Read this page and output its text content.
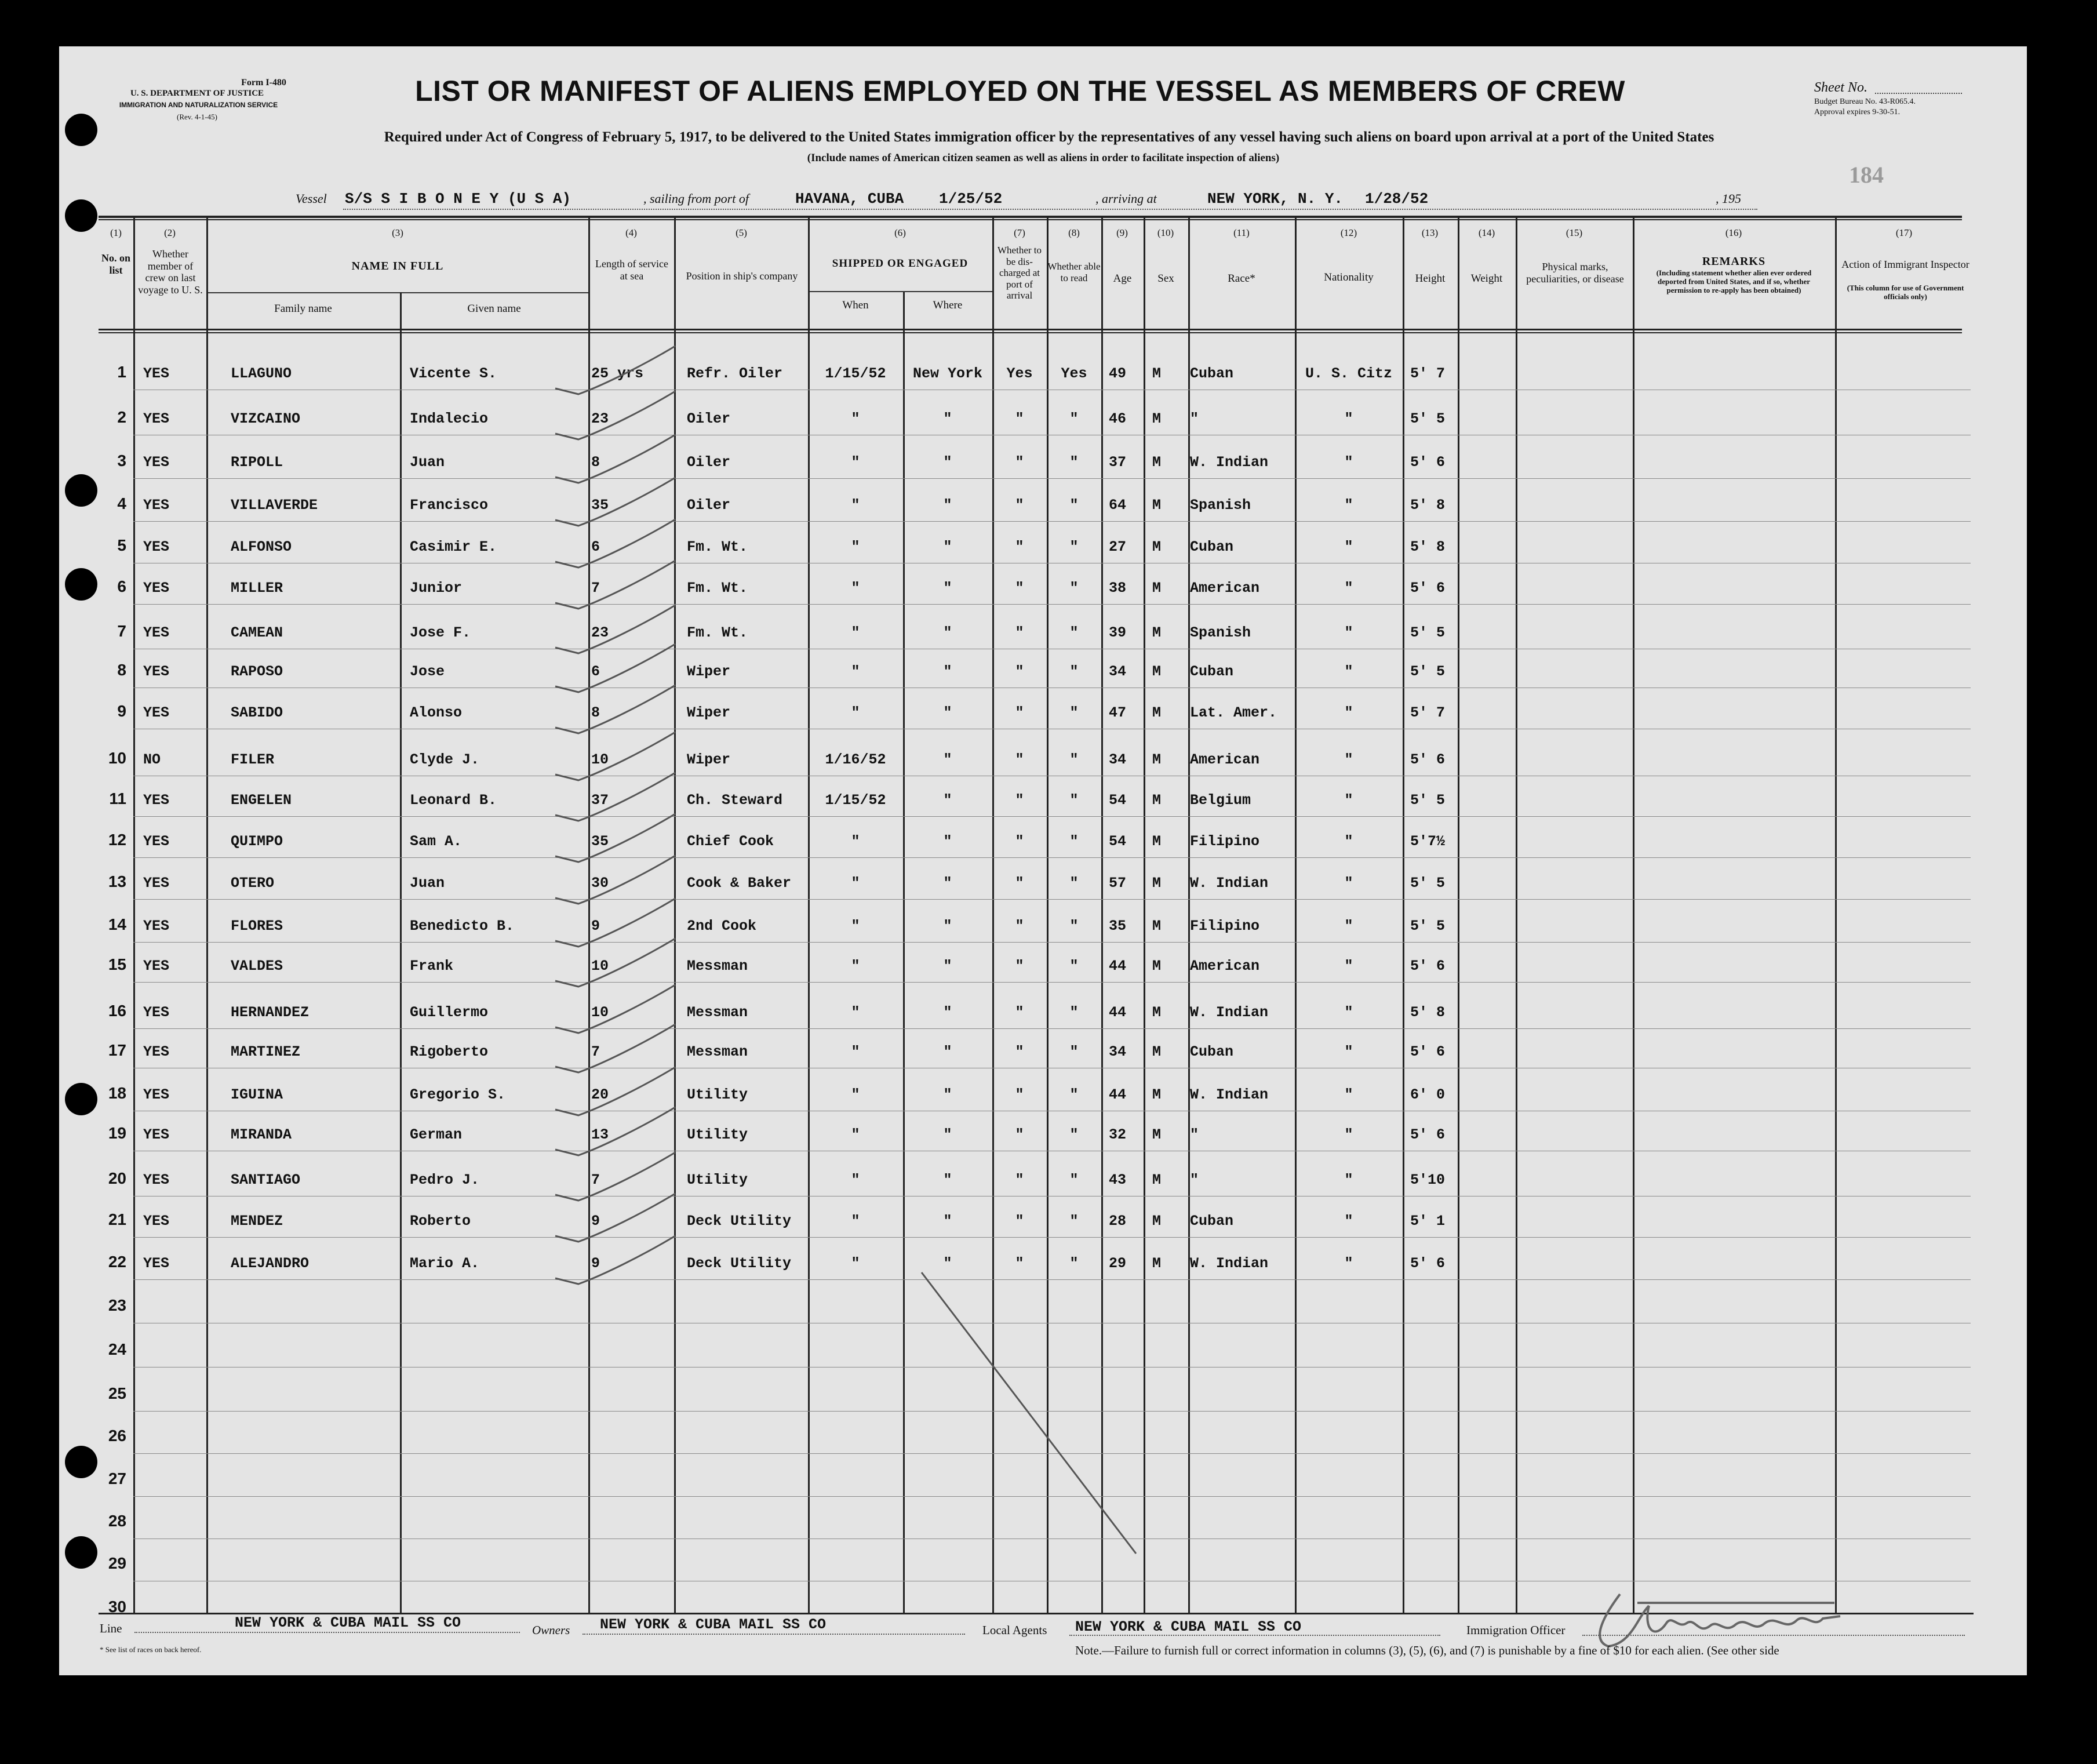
Form I-480
U. S. DEPARTMENT OF JUSTICE
IMMIGRATION AND NATURALIZATION SERVICE
(Rev. 4-1-45)
LIST OR MANIFEST OF ALIENS EMPLOYED ON THE VESSEL AS MEMBERS OF CREW
Required under Act of Congress of February 5, 1917, to be delivered to the United States immigration officer by the representatives of any vessel having such aliens on board upon arrival at a port of the United States
(Include names of American citizen seamen as well as aliens in order to facilitate inspection of aliens)
Sheet No.
Budget Bureau No. 43-R065.4.
Approval expires 9-30-51.
184
Vessel S/S S I B O N E Y (U S A)	, sailing from port of	HAVANA, CUBA 1/25/52	, arriving at	NEW YORK, N. Y. 1/28/52	, 195
(1)	(2)	(3)	(4)	(5)	(6)	(7)	(8)	(9)	(10)	(11)	(12)	(13)	(14)	(15)	(16)	(17)
No. on list
Whether member of crew on last voyage to U. S.
NAME IN FULL
Family name	Given name
Length of service at sea	Position in ship's company
SHIPPED OR ENGAGED
When	Where
Whether to be dis-charged at port of arrival
Whether able to read	Age	Sex	Race*	Nationality	Height	Weight
Physical marks, peculiarities, or disease
REMARKS
(Including statement whether alien ever ordered deported from United States, and if so, whether permission to re-apply has been obtained)
Action of Immigrant Inspector
(This column for use of Government officials only)
1 YES	LLAGUNO	Vicente S.	25 yrs	Refr. Oiler	1/15/52	New York	Yes	Yes	49 M Cuban	U. S. Citz	5' 7
2 YES	VIZCAINO	Indalecio	23	Oiler	"	"	"	"	46 M "	"	5' 5
3 YES	RIPOLL	Juan	8	Oiler	"	"	"	"	37 M W. Indian	"	5' 6
4 YES	VILLAVERDE	Francisco	35	Oiler	"	"	"	"	64 M Spanish	"	5' 8
5 YES	ALFONSO	Casimir E.	6	Fm. Wt.	"	"	"	"	27 M Cuban	"	5' 8
6 YES	MILLER	Junior	7	Fm. Wt.	"	"	"	"	38 M American	"	5' 6
7 YES	CAMEAN	Jose F.	23	Fm. Wt.	"	"	"	"	39 M Spanish	"	5' 5
8 YES	RAPOSO	Jose	6	Wiper	"	"	"	"	34 M Cuban	"	5' 5
9 YES	SABIDO	Alonso	8	Wiper	"	"	"	"	47 M Lat. Amer.	"	5' 7
10 NO	FILER	Clyde J.	10	Wiper	1/16/52	"	"	"	34 M American	"	5' 6
11 YES	ENGELEN	Leonard B.	37	Ch. Steward	1/15/52	"	"	"	54 M Belgium	"	5' 5
12 YES	QUIMPO	Sam A.	35	Chief Cook	"	"	"	"	54 M Filipino	"	5'7½
13 YES	OTERO	Juan	30	Cook & Baker	"	"	"	"	57 M W. Indian	"	5' 5
14 YES	FLORES	Benedicto B.	9	2nd Cook	"	"	"	"	35 M Filipino	"	5' 5
15 YES	VALDES	Frank	10	Messman	"	"	"	"	44 M American	"	5' 6
16 YES	HERNANDEZ	Guillermo	10	Messman	"	"	"	"	44 M W. Indian	"	5' 8
17 YES	MARTINEZ	Rigoberto	7	Messman	"	"	"	"	34 M Cuban	"	5' 6
18 YES	IGUINA	Gregorio S.	20	Utility	"	"	"	"	44 M W. Indian	"	6' 0
19 YES	MIRANDA	German	13	Utility	"	"	"	"	32 M "	"	5' 6
20 YES	SANTIAGO	Pedro J.	7	Utility	"	"	"	"	43 M "	"	5'10
21 YES	MENDEZ	Roberto	9	Deck Utility	"	"	"	"	28 M Cuban	"	5' 1
22 YES	ALEJANDRO	Mario A.	9	Deck Utility	"	"	"	"	29 M W. Indian	"	5' 6
23
24
25
26
27
28
29
30
Line	NEW YORK & CUBA MAIL SS CO	Owners NEW YORK & CUBA MAIL SS CO	Local Agents NEW YORK & CUBA MAIL SS CO	Immigration Officer
* See list of races on back hereof.	Note.—Failure to furnish full or correct information in columns (3), (5), (6), and (7) is punishable by a fine of $10 for each alien. (See other side
